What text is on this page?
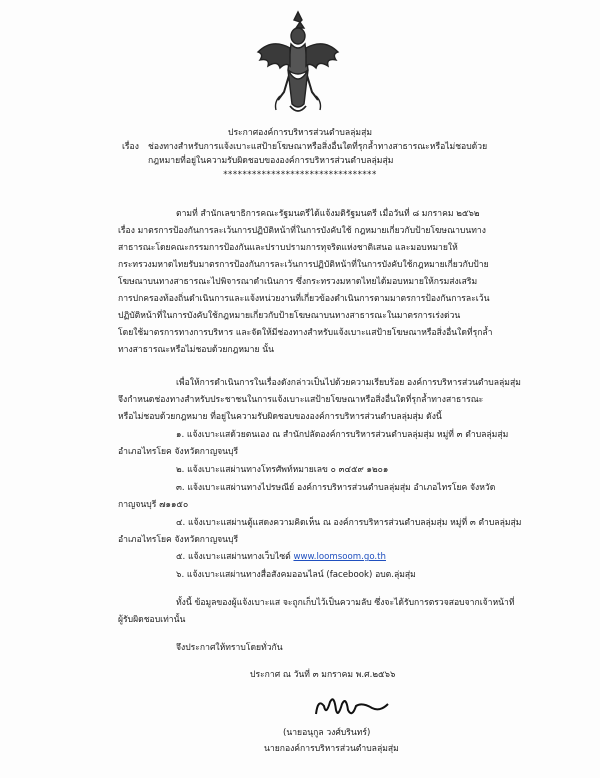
ประกาศองค์การบริหารส่วนตำบลลุ่มสุ่ม
เรื่อง ช่องทางสำหรับการแจ้งเบาะแสป้ายโฆษณาหรือสิ่งอื่นใดที่รุกล้ำทางสาธารณะหรือไม่ชอบด้วย
กฎหมายที่อยู่ในความรับผิดชอบขององค์การบริหารส่วนตำบลลุ่มสุ่ม
********************************
ตามที่ สำนักเลขาธิการคณะรัฐมนตรีได้แจ้งมติรัฐมนตรี เมื่อวันที่ ๘ มกราคม ๒๕๖๒
เรื่อง มาตรการป้องกันการละเว้นการปฏิบัติหน้าที่ในการบังคับใช้ กฎหมายเกี่ยวกับป้ายโฆษณาบนทาง
สาธารณะโดยคณะกรรมการป้องกันและปราบปรามการทุจริตแห่งชาติเสนอ และมอบหมายให้
กระทรวงมหาดไทยรับมาตรการป้องกันการละเว้นการปฏิบัติหน้าที่ในการบังคับใช้กฎหมายเกี่ยวกับป้าย
โฆษณาบนทางสาธารณะไปพิจารณาดำเนินการ ซึ่งกระทรวงมหาดไทยได้มอบหมายให้กรมส่งเสริม
การปกครองท้องถิ่นดำเนินการและแจ้งหน่วยงานที่เกี่ยวข้องดำเนินการตามมาตรการป้องกันการละเว้น
ปฏิบัติหน้าที่ในการบังคับใช้กฎหมายเกี่ยวกับป้ายโฆษณาบนทางสาธารณะในมาตรการเร่งด่วน
โดยใช้มาตรการทางการบริหาร และจัดให้มีช่องทางสำหรับแจ้งเบาะแสป้ายโฆษณาหรือสิ่งอื่นใดที่รุกล้ำ
ทางสาธารณะหรือไม่ชอบด้วยกฎหมาย นั้น
เพื่อให้การดำเนินการในเรื่องดังกล่าวเป็นไปด้วยความเรียบร้อย องค์การบริหารส่วนตำบลลุ่มสุ่ม
จึงกำหนดช่องทางสำหรับประชาชนในการแจ้งเบาะแสป้ายโฆษณาหรือสิ่งอื่นใดที่รุกล้ำทางสาธารณะ
หรือไม่ชอบด้วยกฎหมาย ที่อยู่ในความรับผิดชอบขององค์การบริหารส่วนตำบลลุ่มสุ่ม ดังนี้
๑. แจ้งเบาะแสด้วยตนเอง ณ สำนักปลัดองค์การบริหารส่วนตำบลลุ่มสุ่ม หมู่ที่ ๓ ตำบลลุ่มสุ่ม
อำเภอไทรโยค จังหวัดกาญจนบุรี
๒. แจ้งเบาะแสผ่านทางโทรศัพท์หมายเลข ๐ ๓๔๕๙ ๑๒๐๑
๓. แจ้งเบาะแสผ่านทางไปรษณีย์ องค์การบริหารส่วนตำบลลุ่มสุ่ม อำเภอไทรโยค จังหวัด
กาญจนบุรี ๗๑๑๕๐
๔. แจ้งเบาะแสผ่านตู้แสดงความคิดเห็น ณ องค์การบริหารส่วนตำบลลุ่มสุ่ม หมู่ที่ ๓ ตำบลลุ่มสุ่ม
อำเภอไทรโยค จังหวัดกาญจนบุรี
๕. แจ้งเบาะแสผ่านทางเว็บไซต์ www.loomsoom.go.th
๖. แจ้งเบาะแสผ่านทางสื่อสังคมออนไลน์ (facebook) อบต.ลุ่มสุ่ม
ทั้งนี้ ข้อมูลของผู้แจ้งเบาะแส จะถูกเก็บไว้เป็นความลับ ซึ่งจะได้รับการตรวจสอบจากเจ้าหน้าที่
ผู้รับผิดชอบเท่านั้น
จึงประกาศให้ทราบโดยทั่วกัน
ประกาศ ณ วันที่ ๓ มกราคม พ.ศ.๒๕๖๖
(นายอนุกูล วงศ์บรินทร์)
นายกองค์การบริหารส่วนตำบลลุ่มสุ่ม
